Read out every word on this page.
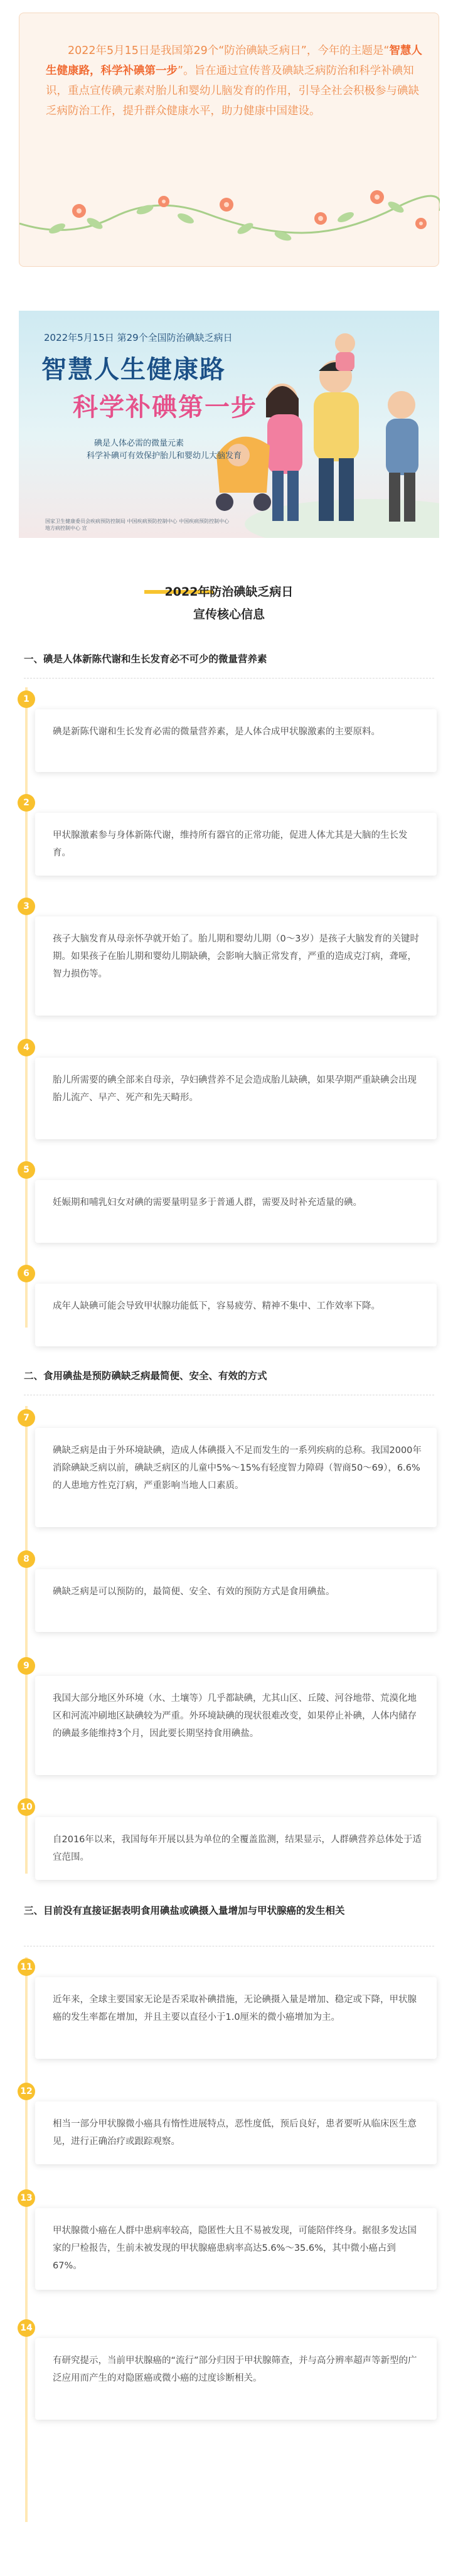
2022年5月15日是我国第29个“防治碘缺乏病日”，今年的主题是“智慧人生健康路，科学补碘第一步”。旨在通过宣传普及碘缺乏病防治和科学补碘知识，重点宣传碘元素对胎儿和婴幼儿脑发育的作用，引导全社会积极参与碘缺乏病防治工作，提升群众健康水平，助力健康中国建设。

2022年5月15日 第29个全国防治碘缺乏病日
智慧人生健康路
科学补碘第一步
碘是人体必需的微量元素
科学补碘可有效保护胎儿和婴幼儿大脑发育
国家卫生健康委员会疾病预防控制局 中国疾病预防控制中心 中国疾病预防控制中心地方病控制中心 宣
2022年防治碘缺乏病日
宣传核心信息
一、碘是人体新陈代谢和生长发育必不可少的微量营养素
1
碘是新陈代谢和生长发育必需的微量营养素，是人体合成甲状腺激素的主要原料。
2
甲状腺激素参与身体新陈代谢，维持所有器官的正常功能，促进人体尤其是大脑的生长发育。
3
孩子大脑发育从母亲怀孕就开始了。胎儿期和婴幼儿期（0～3岁）是孩子大脑发育的关键时期。如果孩子在胎儿期和婴幼儿期缺碘，会影响大脑正常发育，严重的造成克汀病，聋哑，智力损伤等。
4
胎儿所需要的碘全部来自母亲，孕妇碘营养不足会造成胎儿缺碘，如果孕期严重缺碘会出现胎儿流产、早产、死产和先天畸形。
5
妊娠期和哺乳妇女对碘的需要量明显多于普通人群，需要及时补充适量的碘。
6
成年人缺碘可能会导致甲状腺功能低下，容易疲劳、精神不集中、工作效率下降。
二、食用碘盐是预防碘缺乏病最简便、安全、有效的方式
7
碘缺乏病是由于外环境缺碘，造成人体碘摄入不足而发生的一系列疾病的总称。我国2000年消除碘缺乏病以前，碘缺乏病区的儿童中5%～15%有轻度智力障碍（智商50～69），6.6%的人患地方性克汀病，严重影响当地人口素质。
8
碘缺乏病是可以预防的，最简便、安全、有效的预防方式是食用碘盐。
9
我国大部分地区外环境（水、土壤等）几乎都缺碘，尤其山区、丘陵、河谷地带、荒漠化地区和河流冲刷地区缺碘较为严重。外环境缺碘的现状很难改变，如果停止补碘，人体内储存的碘最多能维持3个月，因此要长期坚持食用碘盐。
10
自2016年以来，我国每年开展以县为单位的全覆盖监测，结果显示，人群碘营养总体处于适宜范围。
三、目前没有直接证据表明食用碘盐或碘摄入量增加与甲状腺癌的发生相关
11
近年来，全球主要国家无论是否采取补碘措施，无论碘摄入量是增加、稳定或下降，甲状腺癌的发生率都在增加，并且主要以直径小于1.0厘米的微小癌增加为主。
12
相当一部分甲状腺微小癌具有惰性进展特点，恶性度低，预后良好，患者要听从临床医生意见，进行正确治疗或跟踪观察。
13
甲状腺微小癌在人群中患病率较高，隐匿性大且不易被发现，可能陪伴终身。据很多发达国家的尸检报告，生前未被发现的甲状腺癌患病率高达5.6%～35.6%，其中微小癌占到67%。
14
有研究提示，当前甲状腺癌的“流行”部分归因于甲状腺筛查，并与高分辨率超声等新型的广泛应用而产生的对隐匿癌或微小癌的过度诊断相关。
